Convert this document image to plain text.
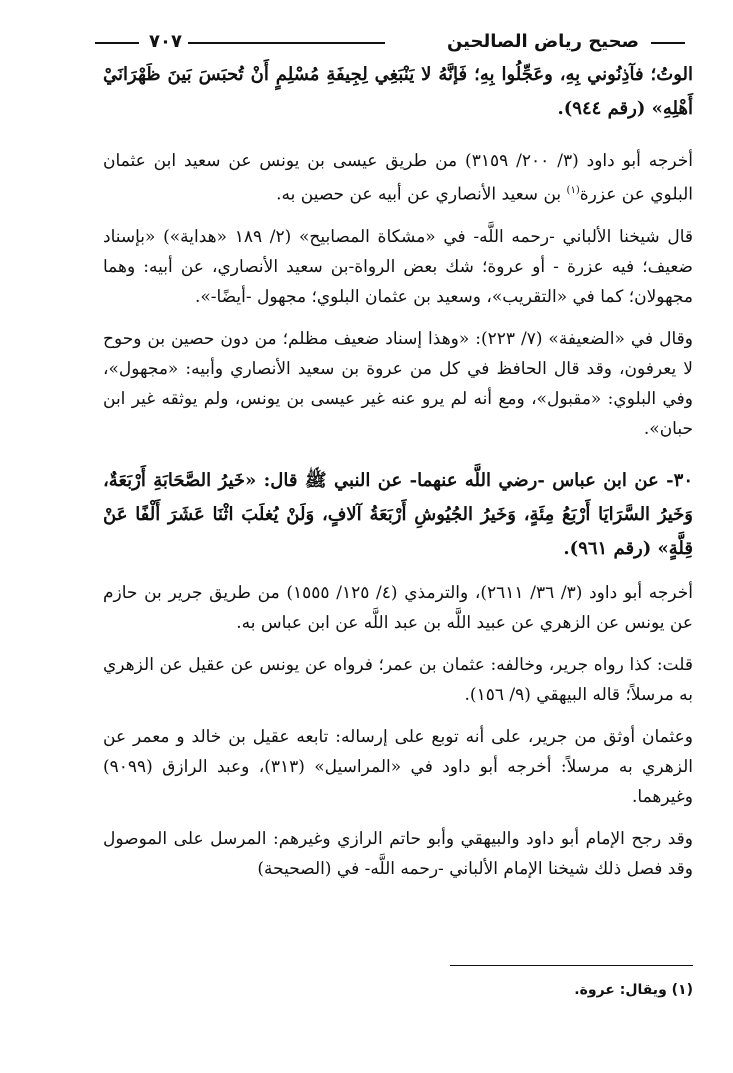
صحيح رياض الصالحين
٧٠٧

الوتُ؛ فآذِنُوني بِهِ، وعَجِّلُوا بِهِ؛ فَإنَّهُ لا يَنْبَغِي لِجِيفَةِ مُسْلِمٍ أَنْ تُحبَسَ بَينَ ظَهْرَانَيْ أَهْلِهِ» (رقم ٩٤٤).

أخرجه أبو داود (٣/ ٢٠٠/ ٣١٥٩) من طريق عيسى بن يونس عن سعيد ابن عثمان البلوي عن عزرة$^{(١)}$ بن سعيد الأنصاري عن أبيه عن حصين به.

قال شيخنا الألباني -رحمه اللَّه- في «مشكاة المصابيح» (٢/ ١٨٩ «هداية») «بإسناد ضعيف؛ فيه عزرة - أو عروة؛ شك بعض الرواة-بن سعيد الأنصاري، عن أبيه: وهما مجهولان؛ كما في «التقريب»، وسعيد بن عثمان البلوي؛ مجهول -أيضًا-».

وقال في «الضعيفة» (٧/ ٢٢٣): «وهذا إسناد ضعيف مظلم؛ من دون حصين بن وحوح لا يعرفون، وقد قال الحافظ في كل من عروة بن سعيد الأنصاري وأبيه: «مجهول»، وفي البلوي: «مقبول»، ومع أنه لم يرو عنه غير عيسى بن يونس، ولم يوثقه غير ابن حبان».

٣٠- عن ابن عباس -رضي اللَّه عنهما- عن النبي ﷺ قال: «خَيرُ الصَّحَابَةِ أَرْبَعَةٌ، وَخَيرُ السَّرَايَا أَرْبَعُ مِئَةٍ، وَخَيرُ الجُيُوشِ أَرْبَعَةُ آلافٍ، وَلَنْ يُغلَبَ اثْنَا عَشَرَ أَلْفًا عَنْ قِلَّةٍ» (رقم ٩٦١).

أخرجه أبو داود (٣/ ٣٦/ ٢٦١١)، والترمذي (٤/ ١٢٥/ ١٥٥٥) من طريق جرير بن حازم عن يونس عن الزهري عن عبيد اللَّه بن عبد اللَّه عن ابن عباس به.

قلت: كذا رواه جرير، وخالفه: عثمان بن عمر؛ فرواه عن يونس عن عقيل عن الزهري به مرسلاً؛ قاله البيهقي (٩/ ١٥٦).

وعثمان أوثق من جرير، على أنه توبع على إرساله: تابعه عقيل بن خالد و معمر عن الزهري به مرسلاً: أخرجه أبو داود في «المراسيل» (٣١٣)، وعبد الرازق (٩٠٩٩) وغيرهما.

وقد رجح الإمام أبو داود والبيهقي وأبو حاتم الرازي وغيرهم: المرسل على الموصول وقد فصل ذلك شيخنا الإمام الألباني -رحمه اللَّه- في (الصحيحة)

(١) ويقال: عروة.
